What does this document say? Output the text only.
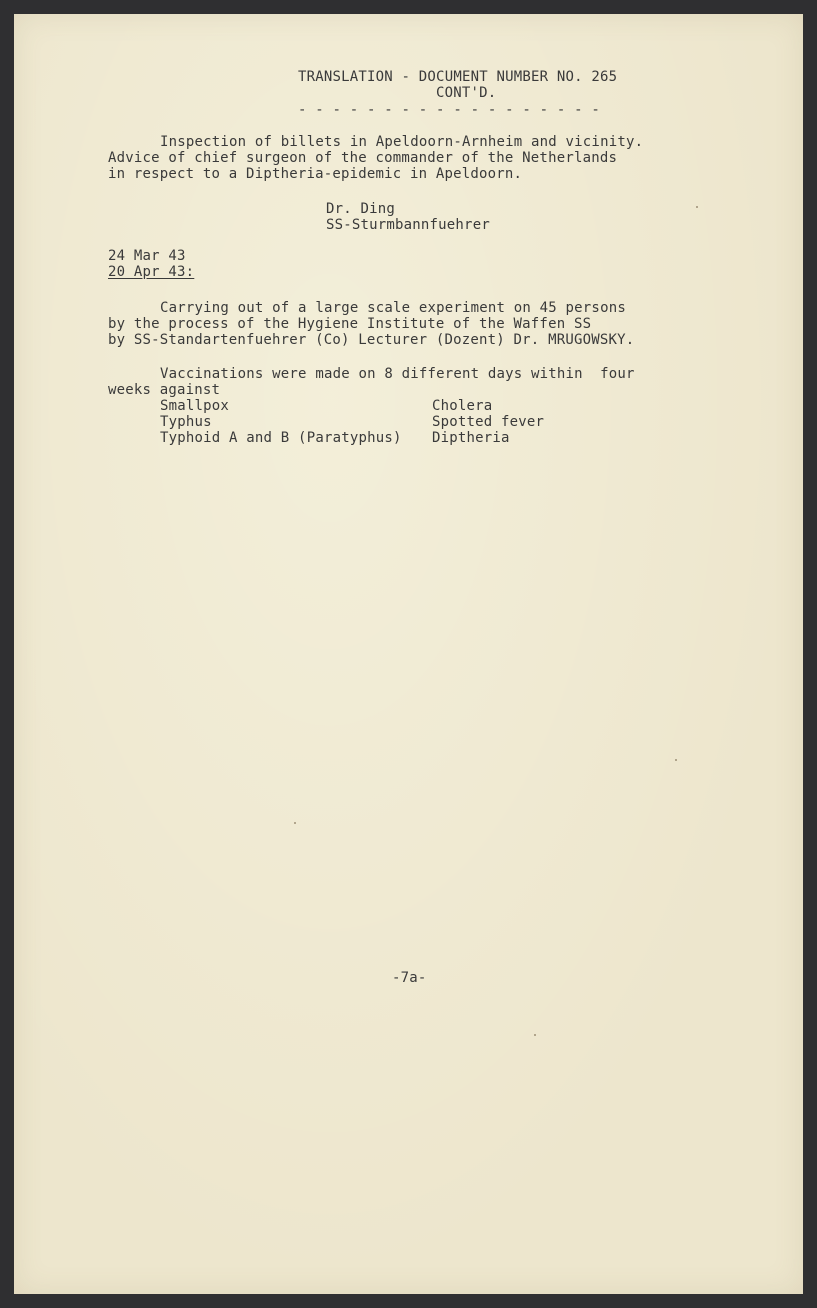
TRANSLATION - DOCUMENT NUMBER NO. 265
CONT'D.
- - - - - - - - - - - - - - - - - -
Inspection of billets in Apeldoorn-Arnheim and vicinity.
Advice of chief surgeon of the commander of the Netherlands
in respect to a Diptheria-epidemic in Apeldoorn.
Dr. Ding
SS-Sturmbannfuehrer
24 Mar 43
20 Apr 43:
Carrying out of a large scale experiment on 45 persons
by the process of the Hygiene Institute of the Waffen SS
by SS-Standartenfuehrer (Co) Lecturer (Dozent) Dr. MRUGOWSKY.
Vaccinations were made on 8 different days within  four
weeks against
Smallpox
Typhus
Typhoid A and B (Paratyphus)
Cholera
Spotted fever
Diptheria
-7a-
